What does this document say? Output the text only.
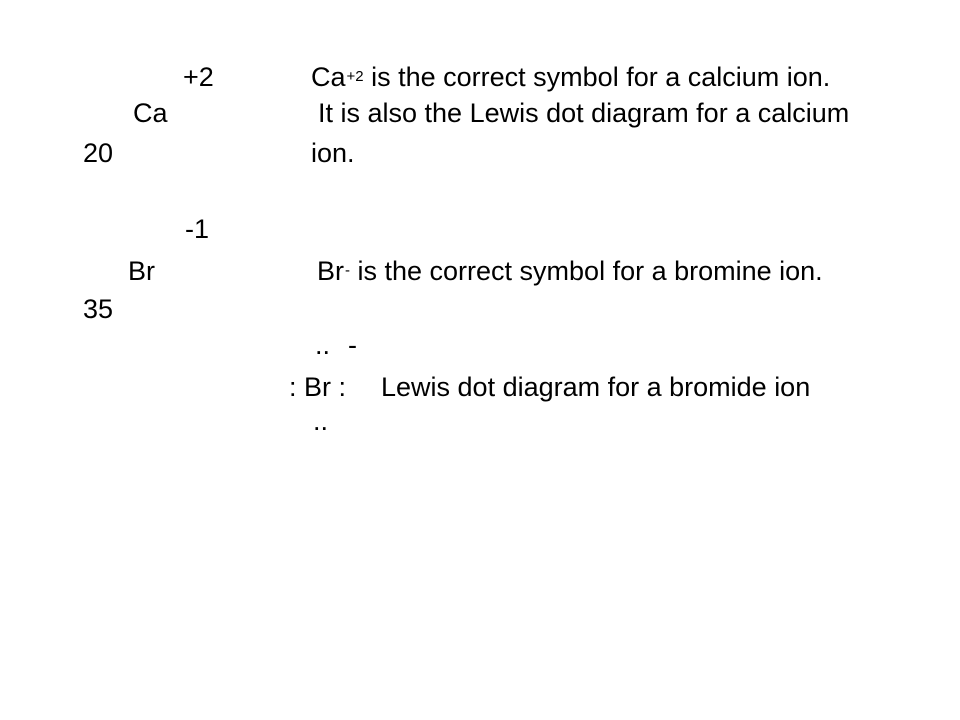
+2
Ca
20
$Ca^{+2}$ is the correct symbol for a calcium ion.
It is also the Lewis dot diagram for a calcium
ion.
-1
Br
35
Br- is the correct symbol for a bromine ion.
.. -
: Br : Lewis dot diagram for a bromide ion
..
